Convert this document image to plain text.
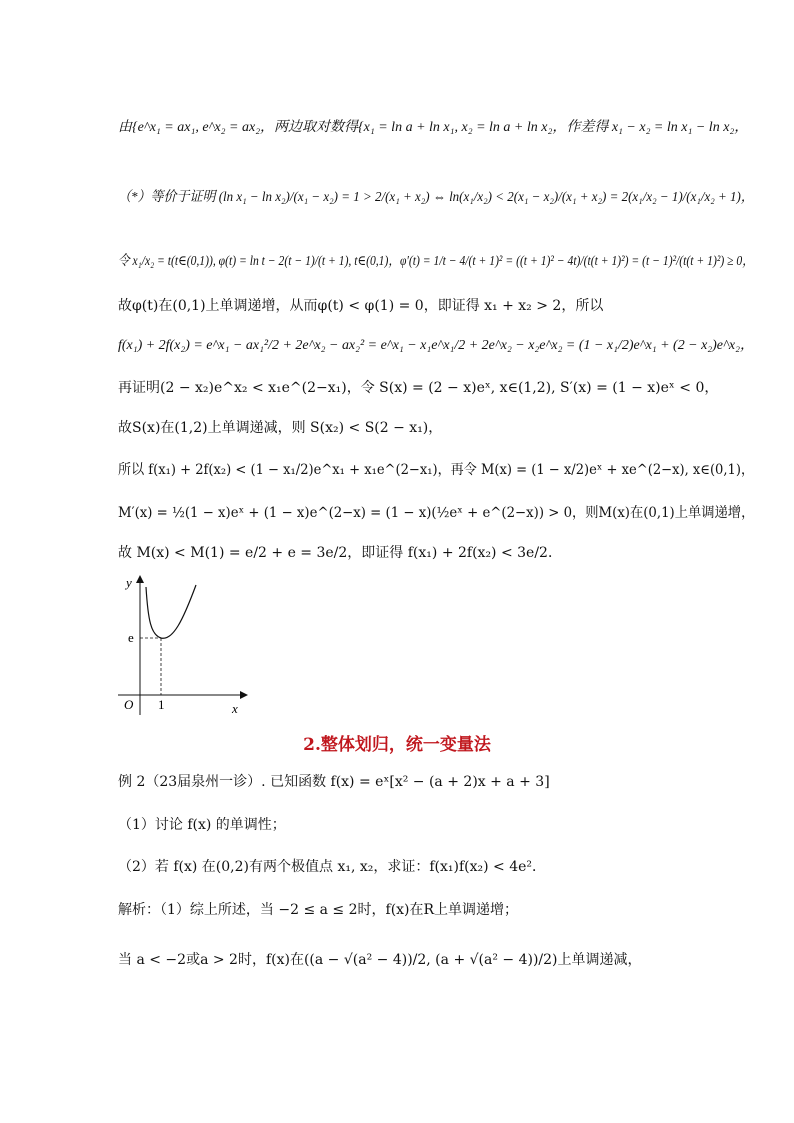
由{e^x₁ = ax₁, e^x₂ = ax₂，两边取对数得{x₁ = ln a + ln x₁, x₂ = ln a + ln x₂，作差得 x₁ − x₂ = ln x₁ − ln x₂，
（*）等价于证明 (ln x₁ − ln x₂)/(x₁ − x₂) = 1 > 2/(x₁ + x₂) ⇔ ln(x₁/x₂) < 2(x₁ − x₂)/(x₁ + x₂) = 2(x₁/x₂ − 1)/(x₁/x₂ + 1)，
令 x₁/x₂ = t(t∈(0,1)), φ(t) = ln t − 2(t − 1)/(t + 1), t∈(0,1)，φ′(t) = 1/t − 4/(t + 1)² = ((t + 1)² − 4t)/(t(t + 1)²) = (t − 1)²/(t(t + 1)²) ≥ 0，
故φ(t)在(0,1)上单调递增，从而φ(t) < φ(1) = 0，即证得 x₁ + x₂ > 2，所以
f(x₁) + 2f(x₂) = e^x₁ − ax₁²/2 + 2e^x₂ − ax₂² = e^x₁ − x₁e^x₁/2 + 2e^x₂ − x₂e^x₂ = (1 − x₁/2)e^x₁ + (2 − x₂)e^x₂，
再证明(2 − x₂)e^x₂ < x₁e^(2−x₁)，令 S(x) = (2 − x)eˣ, x∈(1,2), S′(x) = (1 − x)eˣ < 0，
故S(x)在(1,2)上单调递减，则 S(x₂) < S(2 − x₁)，
所以 f(x₁) + 2f(x₂) < (1 − x₁/2)e^x₁ + x₁e^(2−x₁)，再令 M(x) = (1 − x/2)eˣ + xe^(2−x), x∈(0,1)，
M′(x) = ½(1 − x)eˣ + (1 − x)e^(2−x) = (1 − x)(½eˣ + e^(2−x)) > 0，则M(x)在(0,1)上单调递增，
故 M(x) < M(1) = e/2 + e = 3e/2，即证得 f(x₁) + 2f(x₂) < 3e/2．
y
x
O 1
e
2.整体划归，统一变量法
例 2（23届泉州一诊）. 已知函数 f(x) = eˣ[x² − (a + 2)x + a + 3]
（1）讨论 f(x) 的单调性；
（2）若 f(x) 在(0,2)有两个极值点 x₁, x₂，求证：f(x₁)f(x₂) < 4e²．
解析：（1）综上所述，当 −2 ≤ a ≤ 2时，f(x)在R上单调递增；
当 a < −2或a > 2时，f(x)在((a − √(a² − 4))/2, (a + √(a² − 4))/2)上单调递减，
